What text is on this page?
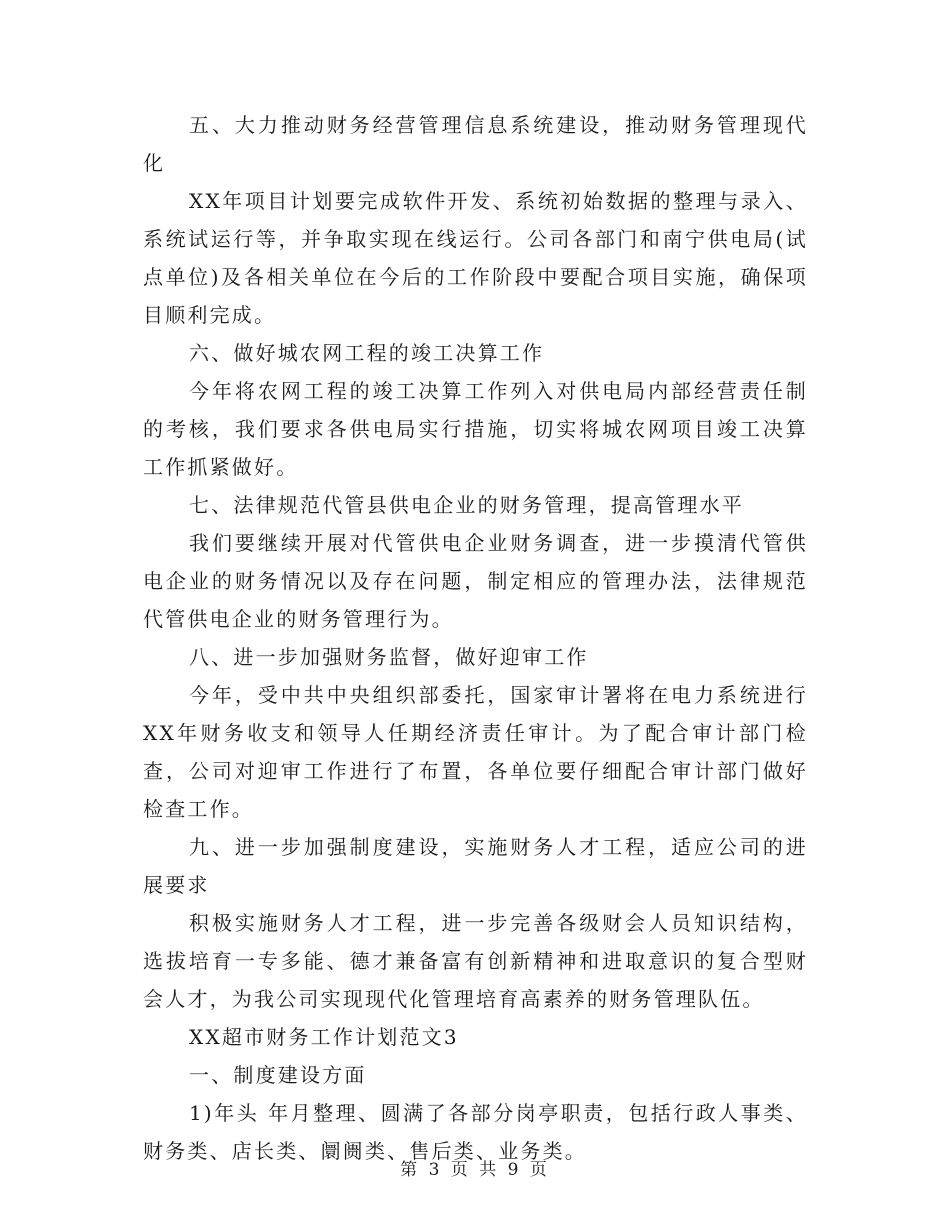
五、大力推动财务经营管理信息系统建设，推动财务管理现代化

XX年项目计划要完成软件开发、系统初始数据的整理与录入、系统试运行等，并争取实现在线运行。公司各部门和南宁供电局(试点单位)及各相关单位在今后的工作阶段中要配合项目实施，确保项目顺利完成。

六、做好城农网工程的竣工决算工作

今年将农网工程的竣工决算工作列入对供电局内部经营责任制的考核，我们要求各供电局实行措施，切实将城农网项目竣工决算工作抓紧做好。

七、法律规范代管县供电企业的财务管理，提高管理水平

我们要继续开展对代管供电企业财务调查，进一步摸清代管供电企业的财务情况以及存在问题，制定相应的管理办法，法律规范代管供电企业的财务管理行为。

八、进一步加强财务监督，做好迎审工作

今年，受中共中央组织部委托，国家审计署将在电力系统进行XX年财务收支和领导人任期经济责任审计。为了配合审计部门检查，公司对迎审工作进行了布置，各单位要仔细配合审计部门做好检查工作。

九、进一步加强制度建设，实施财务人才工程，适应公司的进展要求

积极实施财务人才工程，进一步完善各级财会人员知识结构，选拔培育一专多能、德才兼备富有创新精神和进取意识的复合型财会人才，为我公司实现现代化管理培育高素养的财务管理队伍。

XX超市财务工作计划范文3

一、制度建设方面

1)年头 年月整理、圆满了各部分岗亭职责，包括行政人事类、财务类、店长类、阛阓类、售后类、业务类。

第 3 页 共 9 页
